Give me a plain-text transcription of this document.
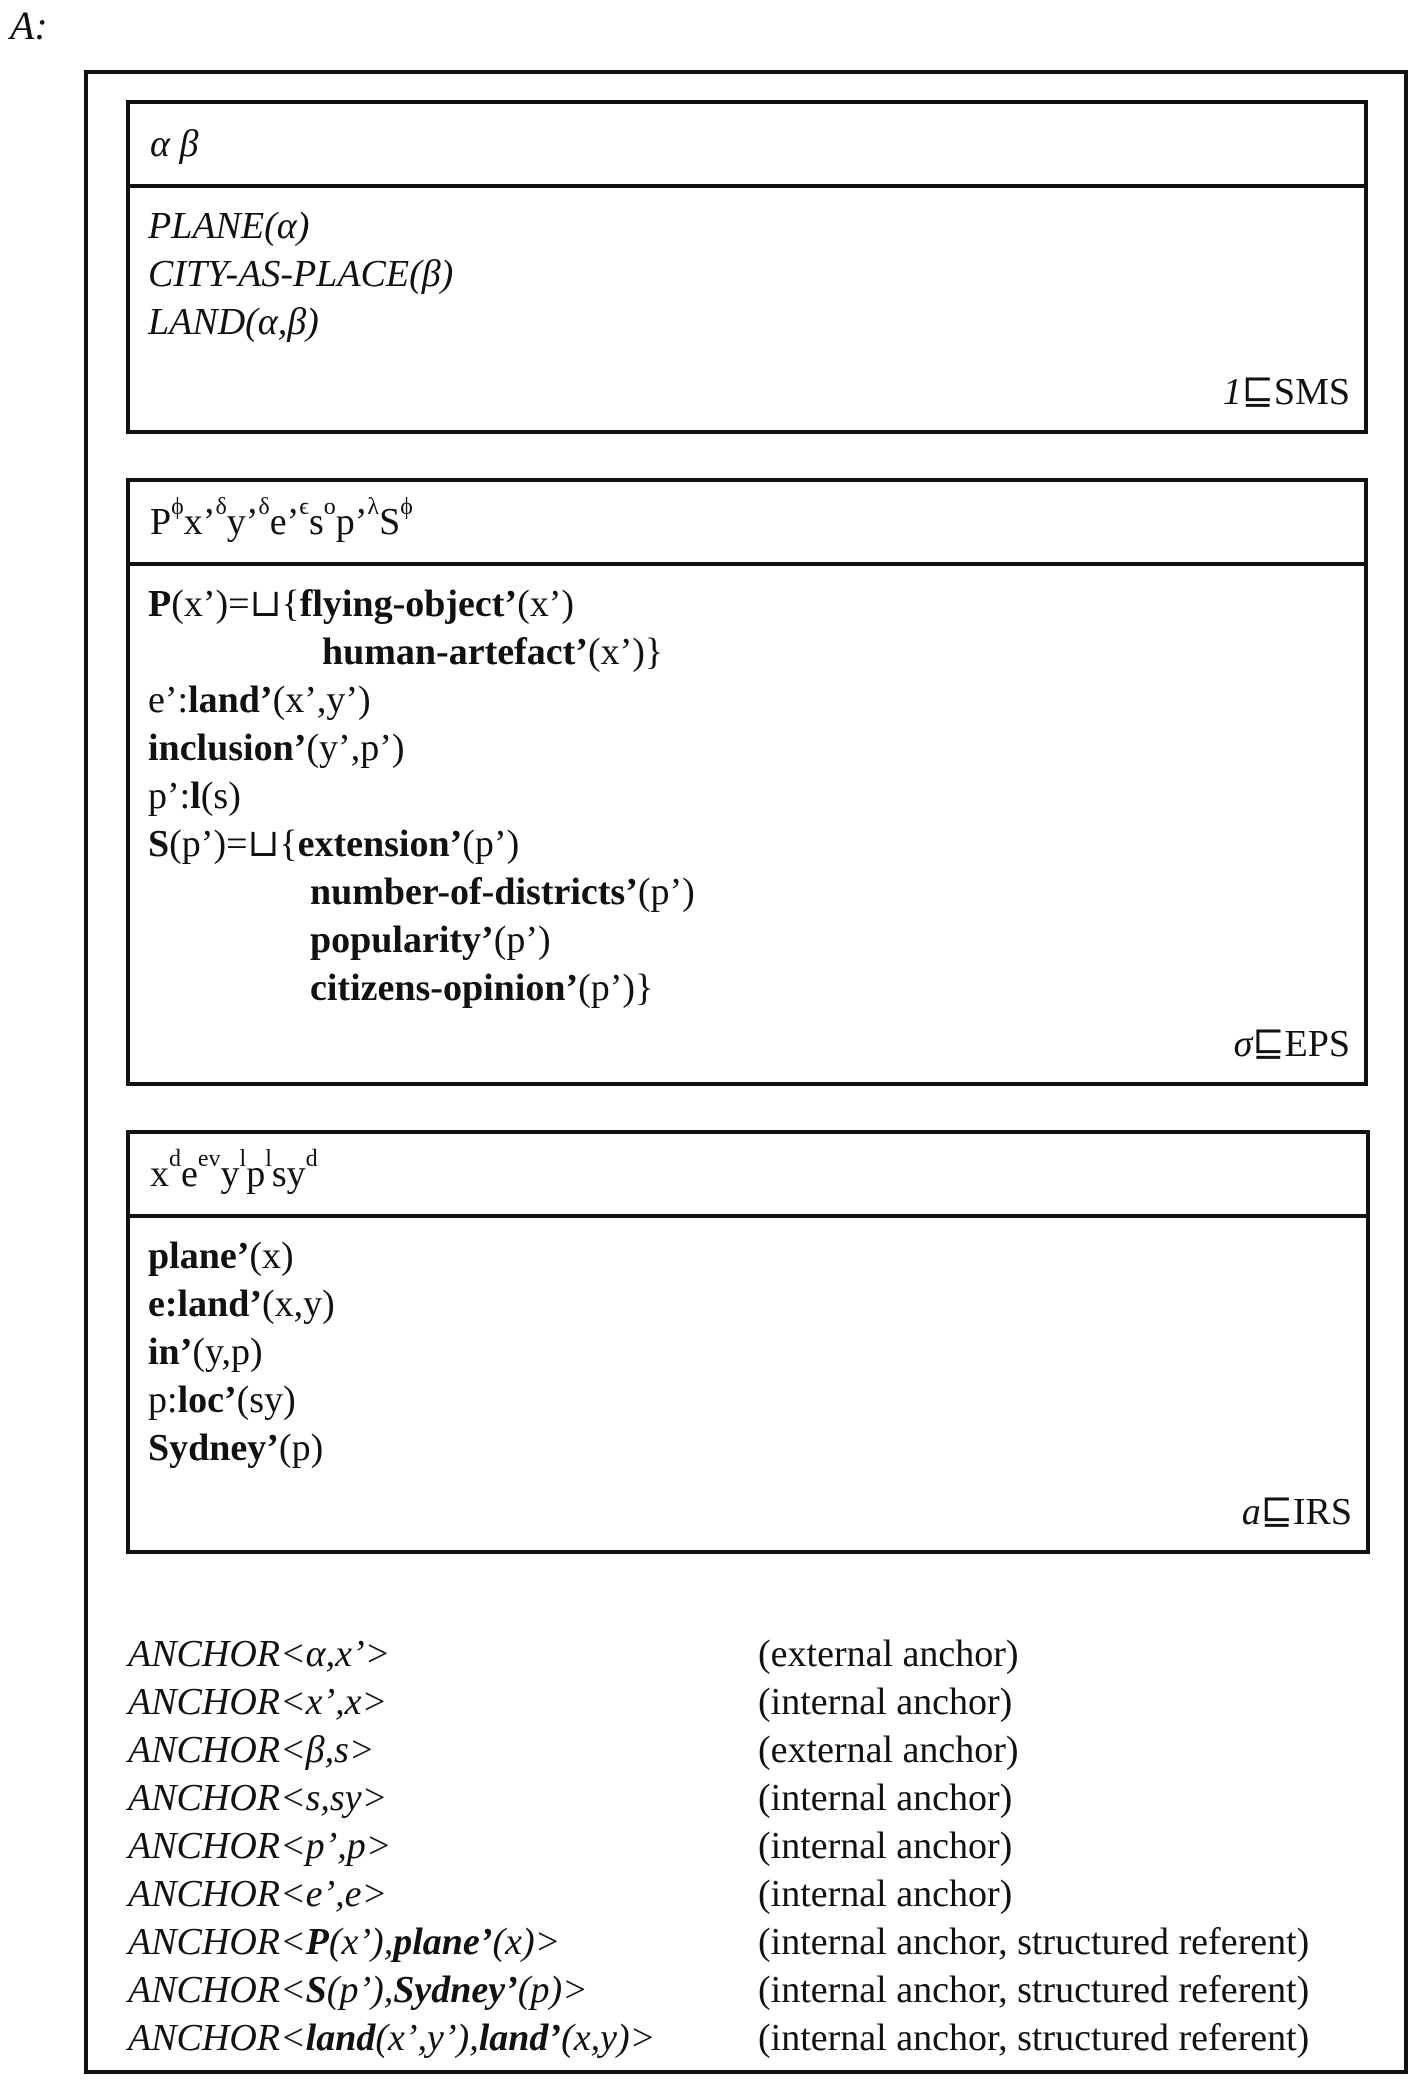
A:
α β
PLANE(α)
CITY-AS-PLACE(β)
LAND(α,β)
1⊑SMS
$P^\phi$ x’$^\delta$ y’$^\delta$ e’$^\epsilon$ $s^o$ p’$^\lambda$ $S^\phi$
P(x’)=⊔{flying-object’(x’)
human-artefact’(x’)}
e’:land’(x’,y’)
inclusion’(y’,p’)
p’:l(s)
S(p’)=⊔{extension’(p’)
number-of-districts’(p’)
popularity’(p’)
citizens-opinion’(p’)}
σ⊑EPS
$x^d$ $e^{ev}$ $y^l$ $p^l$ $sy^d$
plane’(x)
e:land’(x,y)
in’(y,p)
p:loc’(sy)
Sydney’(p)
a⊑IRS
ANCHOR<α,x’>	(external anchor)
ANCHOR<x’,x>	(internal anchor)
ANCHOR<β,s>	(external anchor)
ANCHOR<s,sy>	(internal anchor)
ANCHOR<p’,p>	(internal anchor)
ANCHOR<e’,e>	(internal anchor)
ANCHOR<P(x’),plane’(x)>	(internal anchor, structured referent)
ANCHOR<S(p’),Sydney’(p)>	(internal anchor, structured referent)
ANCHOR<land(x’,y’),land’(x,y)>	(internal anchor, structured referent)
